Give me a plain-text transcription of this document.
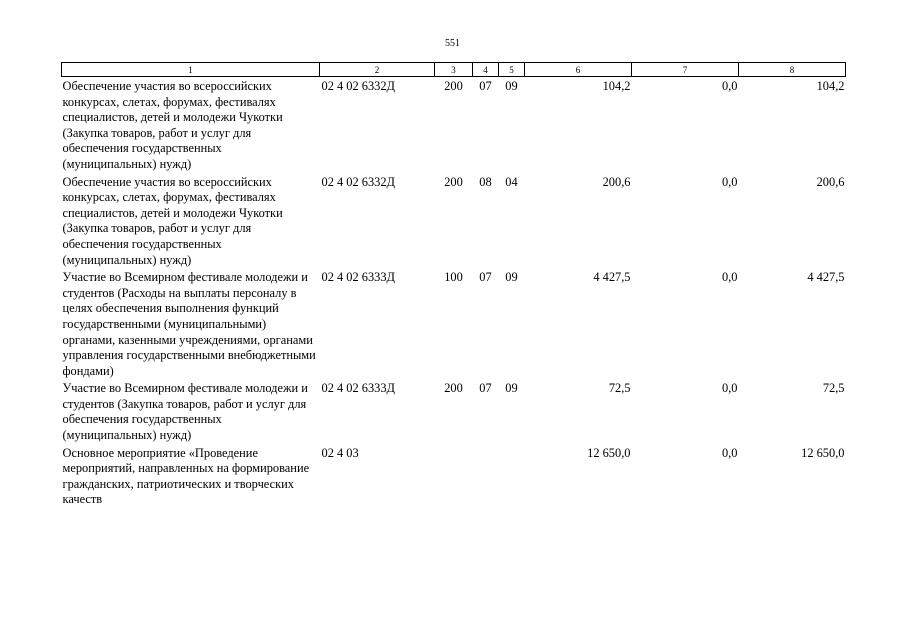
551
1	2	3	4	5	6	7	8
Обеспечение участия во всероссийских конкурсах, слетах, форумах, фестивалях специалистов, детей и молодежи Чукотки (Закупка товаров, работ и услуг для обеспечения государственных (муниципальных) нужд)	02 4 02 6332Д	200	07	09	104,2	0,0	104,2
Обеспечение участия во всероссийских конкурсах, слетах, форумах, фестивалях специалистов, детей и молодежи Чукотки (Закупка товаров, работ и услуг для обеспечения государственных (муниципальных) нужд)	02 4 02 6332Д	200	08	04	200,6	0,0	200,6
Участие во Всемирном фестивале молодежи и студентов (Расходы на выплаты персоналу в целях обеспечения выполнения функций государственными (муниципальными) органами, казенными учреждениями, органами управления государственными внебюджетными фондами)	02 4 02 6333Д	100	07	09	4 427,5	0,0	4 427,5
Участие во Всемирном фестивале молодежи и студентов (Закупка товаров, работ и услуг для обеспечения государственных (муниципальных) нужд)	02 4 02 6333Д	200	07	09	72,5	0,0	72,5
Основное мероприятие «Проведение мероприятий, направленных на формирование гражданских, патриотических и творческих качеств	02 4 03				12 650,0	0,0	12 650,0
